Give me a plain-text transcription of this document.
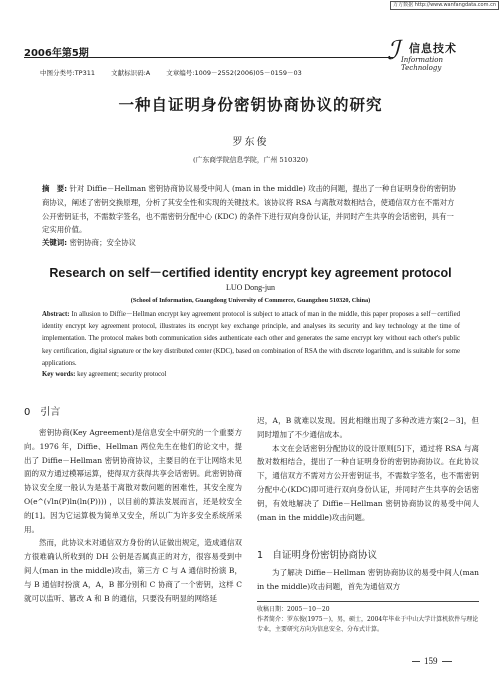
万方数据 http://www.wanfangdata.com.cn
2006年第5期	ℐ 信息技术
Information Technology
中图分类号:TP311 文献标识码:A 文章编号:1009－2552(2006)05－0159－03
一种自证明身份密钥协商协议的研究
罗东俊
(广东商学院信息学院，广州 510320)
摘　要: 针对 Diffie－Hellman 密钥协商协议易受中间人 (man in the middle) 攻击的问题，提出了一种自证明身份的密钥协商协议，阐述了密钥交换原理，分析了其安全性和实现的关键技术。该协议将 RSA 与离散对数相结合，使通信双方在不需对方公开密钥证书，不需数字签名，也不需密钥分配中心 (KDC) 的条件下进行双向身份认证，并同时产生共享的会话密钥，具有一定实用价值。
关键词: 密钥协商；安全协议
Research on self－certified identity encrypt key agreement protocol
LUO Dong-jun
(School of Information, Guangdong University of Commerce, Guangzhou 510320, China)
Abstract: In allusion to Diffie－Hellman encrypt key agreement protocol is subject to attack of man in the middle, this paper proposes a self－certified identity encrypt key agreement protocol, illustrates its encrypt key exchange principle, and analyses its security and key technology at the time of implementation. The protocol makes both communication sides authenticate each other and generates the same encrypt key without each other's public key certification, digital signature or the key distributed center (KDC), based on combination of RSA the with discrete logarithm, and is suitable for some applications.
Key words: key agreement; security protocol
0　引言
密钥协商(Key Agreement)是信息安全中研究的一个重要方向。1976 年，Diffie、Hellman 两位先生在他们的论文中，提出了 Diffie－Hellman 密钥协商协议，主要目的在于让网络未见面的双方通过模幂运算，使得双方获得共享会话密钥。此密钥协商协议安全度一般认为是基于离散对数问题的困难性，其安全度为 O(e^(√ln(P)ln(ln(P)))) ，以目前的算法发展而言，还是较安全的[1]。因为它运算极为简单又安全，所以广为许多安全系统所采用。
然而，此协议未对通信双方身份的认证做出规定，造成通信双方很难确认所收到的 DH 公钥是否属真正的对方，很容易受到中间人(man in the middle)攻击，第三方 C 与 A 通信时扮演 B，与 B 通信时扮演 A，A，B 都分别和 C 协商了一个密钥，这样 C 就可以监听、篡改 A 和 B 的通信，只要没有明显的网络延
迟，A，B 就难以发现。因此相继出现了多种改进方案[2－3]，但同时增加了不少通信成本。
本文在会话密钥分配协议的设计原则[5]下，通过将 RSA 与离散对数相结合，提出了一种自证明身份的密钥协商协议。在此协议下，通信双方不需对方公开密钥证书，不需数字签名，也不需密钥分配中心(KDC)即可进行双向身份认证，并同时产生共享的会话密钥，有效地解决了 Diffie－Hellman 密钥协商协议的易受中间人(man in the middle)攻击问题。
1　自证明身份密钥协商协议
为了解决 Diffie－Hellman 密钥协商协议的易受中间人(man in the middle)攻击问题，首先为通信双方
收稿日期：2005－10－20
作者简介：罗东俊(1975－)，男，硕士，2004年毕业于中山大学计算机软件与理论专业，主要研究方向为信息安全、分布式计算。
159
